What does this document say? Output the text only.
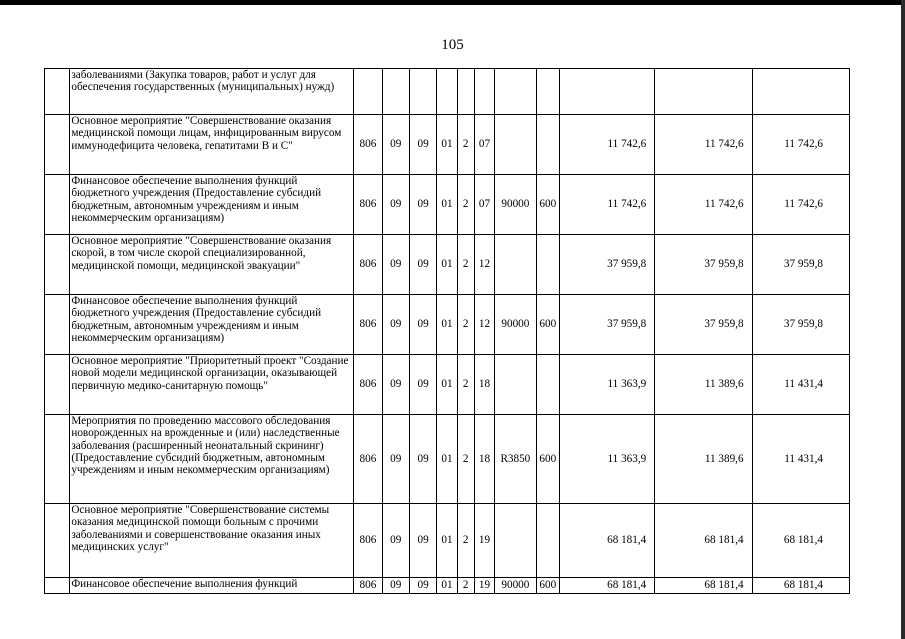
105
	заболеваниями (Закупка товаров, работ и услуг для обеспечения государственных (муниципальных) нужд)											
	Основное мероприятие "Совершенствование оказания медицинской помощи лицам, инфицированным вирусом иммунодефицита человека, гепатитами В и С"	806	09	09	01	2	07			11 742,6	11 742,6	11 742,6
	Финансовое обеспечение выполнения функций бюджетного учреждения (Предоставление субсидий бюджетным, автономным учреждениям и иным некоммерческим организациям)	806	09	09	01	2	07	90000	600	11 742,6	11 742,6	11 742,6
	Основное мероприятие "Совершенствование оказания скорой, в том числе скорой специализированной, медицинской помощи, медицинской эвакуации"	806	09	09	01	2	12			37 959,8	37 959,8	37 959,8
	Финансовое обеспечение выполнения функций бюджетного учреждения (Предоставление субсидий бюджетным, автономным учреждениям и иным некоммерческим организациям)	806	09	09	01	2	12	90000	600	37 959,8	37 959,8	37 959,8
	Основное мероприятие "Приоритетный проект "Создание новой модели медицинской организации, оказывающей первичную медико-санитарную помощь"	806	09	09	01	2	18			11 363,9	11 389,6	11 431,4
	Мероприятия по проведению массового обследования новорожденных на врожденные и (или) наследственные заболевания (расширенный неонатальный скрининг) (Предоставление субсидий бюджетным, автономным учреждениям и иным некоммерческим организациям)	806	09	09	01	2	18	R3850	600	11 363,9	11 389,6	11 431,4
	Основное мероприятие "Совершенствование системы оказания медицинской помощи больным с прочими заболеваниями и совершенствование оказания иных медицинских услуг"	806	09	09	01	2	19			68 181,4	68 181,4	68 181,4
	Финансовое обеспечение выполнения функций	806	09	09	01	2	19	90000	600	68 181,4	68 181,4	68 181,4
